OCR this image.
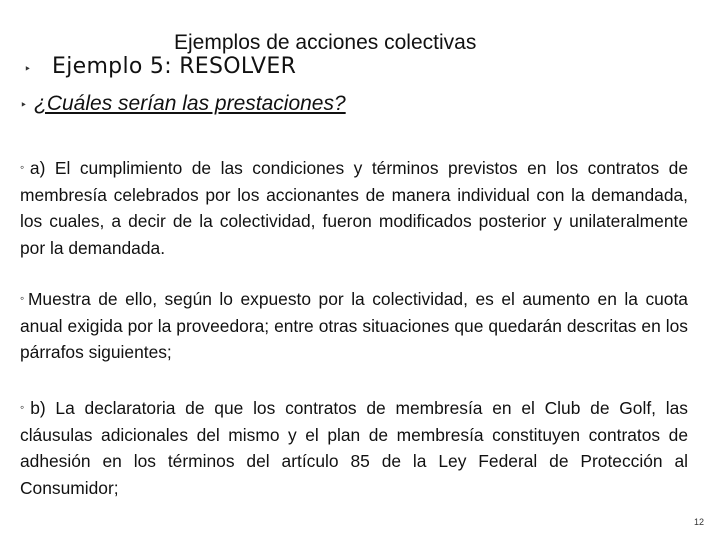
Ejemplos de acciones colectivas
‣ Ejemplo 5: RESOLVER
‣ ¿Cuáles serían las prestaciones?

◦a) El cumplimiento de las condiciones y términos previstos en los contratos de membresía celebrados por los accionantes de manera individual con la demandada, los cuales, a decir de la colectividad, fueron modificados posterior y unilateralmente por la demandada.

◦Muestra de ello, según lo expuesto por la colectividad, es el aumento en la cuota anual exigida por la proveedora; entre otras situaciones que quedarán descritas en los párrafos siguientes;

◦b) La declaratoria de que los contratos de membresía en el Club de Golf, las cláusulas adicionales del mismo y el plan de membresía constituyen contratos de adhesión en los términos del artículo 85 de la Ley Federal de Protección al Consumidor;

12
